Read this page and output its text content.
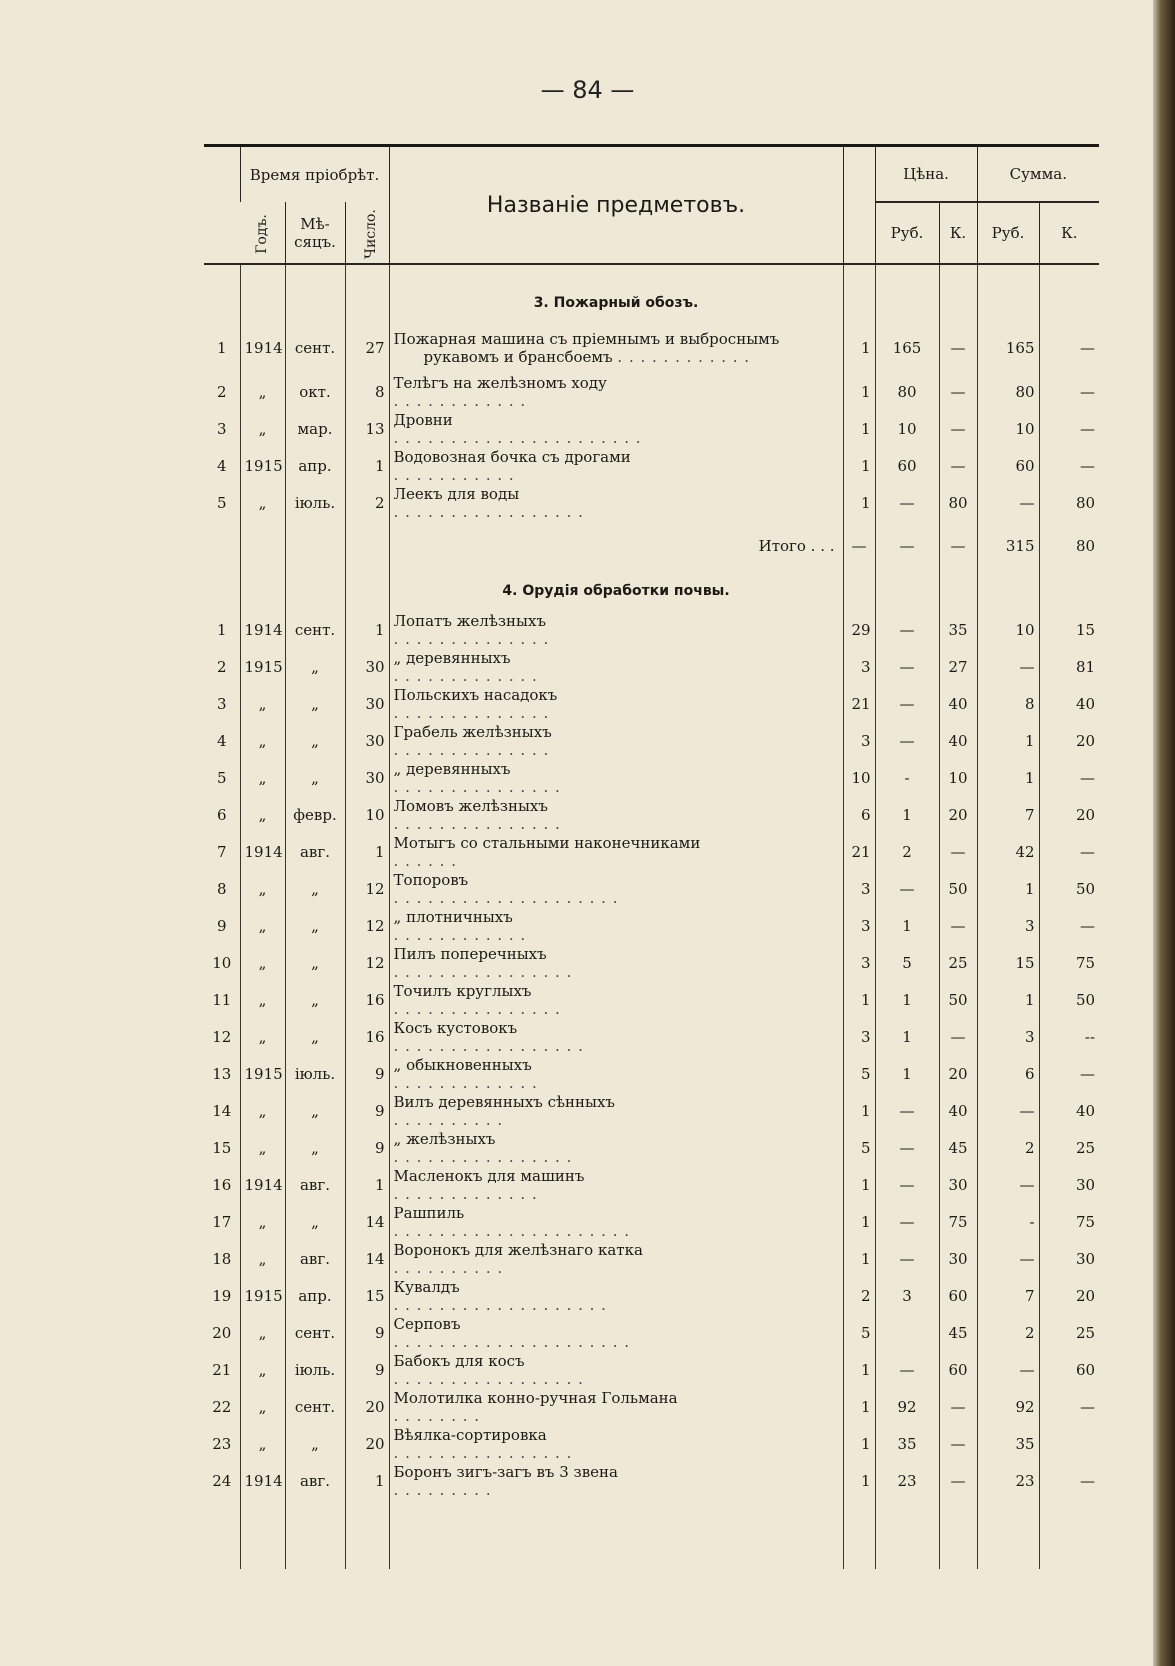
— 84 —
	Время пріобрѣт.			Названіе предметовъ.		Цѣна.		Сумма.	
	Годъ.	Мѣ-сяцъ.	Число.			Руб.	К.	Руб.	К.

				3. Пожарный обозъ.					

1	1914	сент.	27	Пожарная машина съ пріемнымъ и выброснымъ
рукавомъ и брансбоемъ . . . . . . . . . . . .	1	165	—	165	—
2	„	окт.	8	Телѣгъ на желѣзномъ ходу
. . . . . . . . . . . .	1	80	—	80	—
3	„	мар.	13	Дровни
. . . . . . . . . . . . . . . . . . . . . .	1	10	—	10	—
4	1915	апр.	1	Водовозная бочка съ дрогами
. . . . . . . . . . .	1	60	—	60	—
5	„	іюль.	2	Леекъ для воды
. . . . . . . . . . . . . . . . .	1	—	80	—	80

				Итого . . .	—	—	—	315	80

				4. Орудія обработки почвы.					

1	1914	сент.	1	Лопатъ желѣзныхъ
. . . . . . . . . . . . . .	29	—	35	10	15
2	1915	„	30	„ деревянныхъ
. . . . . . . . . . . . .	3	—	27	—	81
3	„	„	30	Польскихъ насадокъ
. . . . . . . . . . . . . .	21	—	40	8	40
4	„	„	30	Грабель желѣзныхъ
. . . . . . . . . . . . . .	3	—	40	1	20
5	„	„	30	„ деревянныхъ
. . . . . . . . . . . . . . .	10	-	10	1	—
6	„	февр.	10	Ломовъ желѣзныхъ
. . . . . . . . . . . . . . .	6	1	20	7	20
7	1914	авг.	1	Мотыгъ со стальными наконечниками
. . . . . .	21	2	—	42	—
8	„	„	12	Топоровъ
. . . . . . . . . . . . . . . . . . . .	3	—	50	1	50
9	„	„	12	„ плотничныхъ
. . . . . . . . . . . .	3	1	—	3	—
10	„	„	12	Пилъ поперечныхъ
. . . . . . . . . . . . . . . .	3	5	25	15	75
11	„	„	16	Точилъ круглыхъ
. . . . . . . . . . . . . . .	1	1	50	1	50
12	„	„	16	Косъ кустовокъ
. . . . . . . . . . . . . . . . .	3	1	—	3	--
13	1915	іюль.	9	„ обыкновенныхъ
. . . . . . . . . . . . .	5	1	20	6	—
14	„	„	9	Вилъ деревянныхъ сѣнныхъ
. . . . . . . . . .	1	—	40	—	40
15	„	„	9	„ желѣзныхъ
. . . . . . . . . . . . . . . .	5	—	45	2	25
16	1914	авг.	1	Масленокъ для машинъ
. . . . . . . . . . . . .	1	—	30	—	30
17	„	„	14	Рашпиль
. . . . . . . . . . . . . . . . . . . . .	1	—	75	-	75
18	„	авг.	14	Воронокъ для желѣзнаго катка
. . . . . . . . . .	1	—	30	—	30
19	1915	апр.	15	Кувалдъ
. . . . . . . . . . . . . . . . . . .	2	3	60	7	20
20	„	сент.	9	Серповъ
. . . . . . . . . . . . . . . . . . . . .	5		45	2	25
21	„	іюль.	9	Бабокъ для косъ
. . . . . . . . . . . . . . . . .	1	—	60	—	60
22	„	сент.	20	Молотилка конно-ручная Гольмана
. . . . . . . .	1	92	—	92	—
23	„	„	20	Вѣялка-сортировка
. . . . . . . . . . . . . . . .	1	35	—	35	
24	1914	авг.	1	Боронъ зигъ-загъ въ 3 звена
. . . . . . . . .	1	23	—	23	—
